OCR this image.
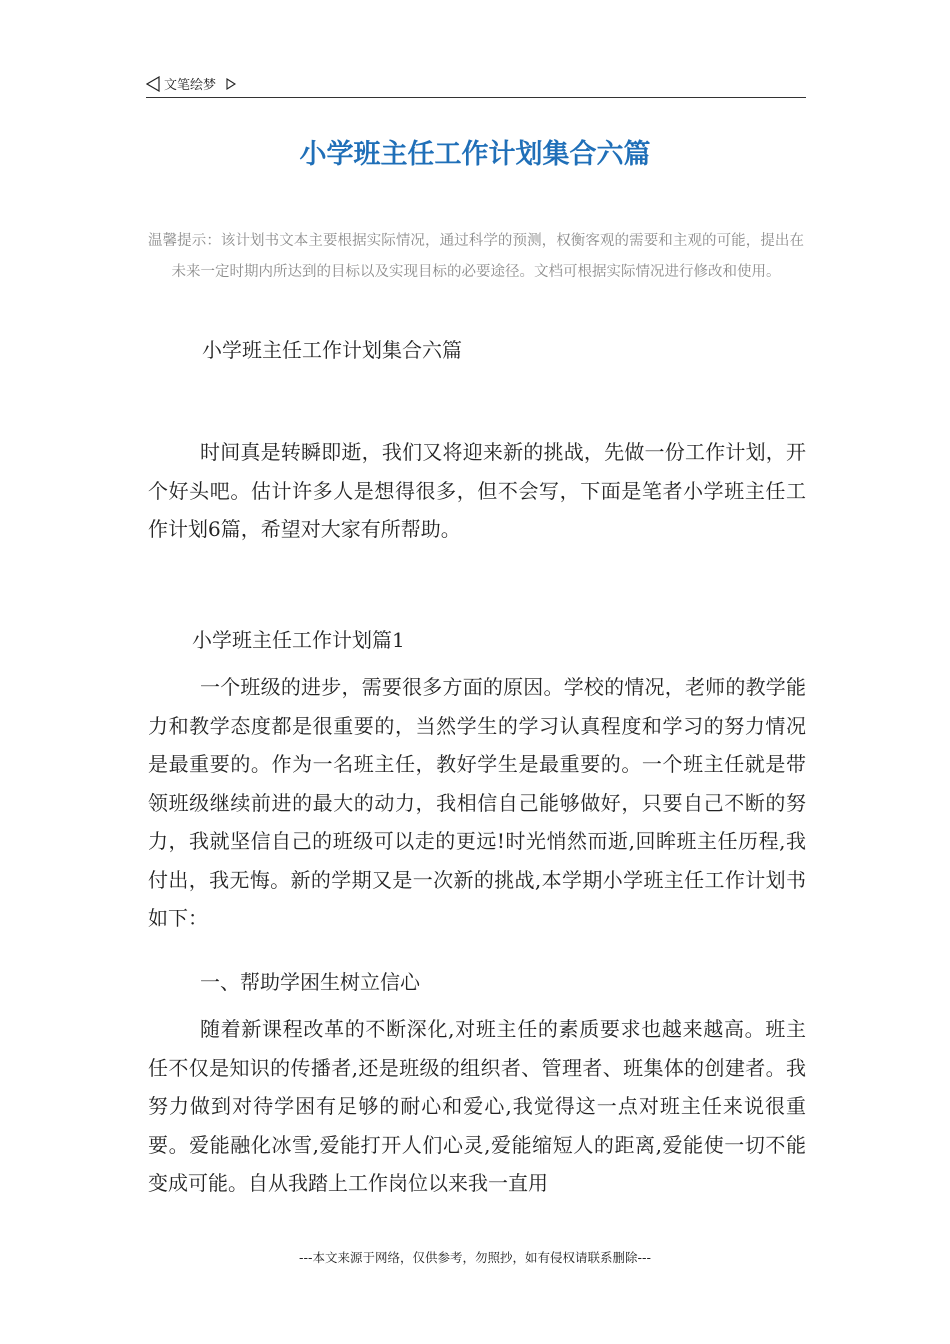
文笔绘梦
小学班主任工作计划集合六篇
温馨提示：该计划书文本主要根据实际情况，通过科学的预测，权衡客观的需要和主观的可能，提出在未来一定时期内所达到的目标以及实现目标的必要途径。文档可根据实际情况进行修改和使用。
小学班主任工作计划集合六篇
时间真是转瞬即逝，我们又将迎来新的挑战，先做一份工作计划，开个好头吧。估计许多人是想得很多，但不会写，下面是笔者小学班主任工作计划6篇，希望对大家有所帮助。
小学班主任工作计划篇1
一个班级的进步，需要很多方面的原因。学校的情况，老师的教学能力和教学态度都是很重要的，当然学生的学习认真程度和学习的努力情况是最重要的。作为一名班主任，教好学生是最重要的。一个班主任就是带领班级继续前进的最大的动力，我相信自己能够做好，只要自己不断的努力，我就坚信自己的班级可以走的更远!时光悄然而逝,回眸班主任历程,我付出，我无悔。新的学期又是一次新的挑战,本学期小学班主任工作计划书如下：
一、帮助学困生树立信心
随着新课程改革的不断深化,对班主任的素质要求也越来越高。班主任不仅是知识的传播者,还是班级的组织者、管理者、班集体的创建者。我努力做到对待学困有足够的耐心和爱心,我觉得这一点对班主任来说很重要。爱能融化冰雪,爱能打开人们心灵,爱能缩短人的距离,爱能使一切不能变成可能。自从我踏上工作岗位以来我一直用
---本文来源于网络，仅供参考，勿照抄，如有侵权请联系删除---
